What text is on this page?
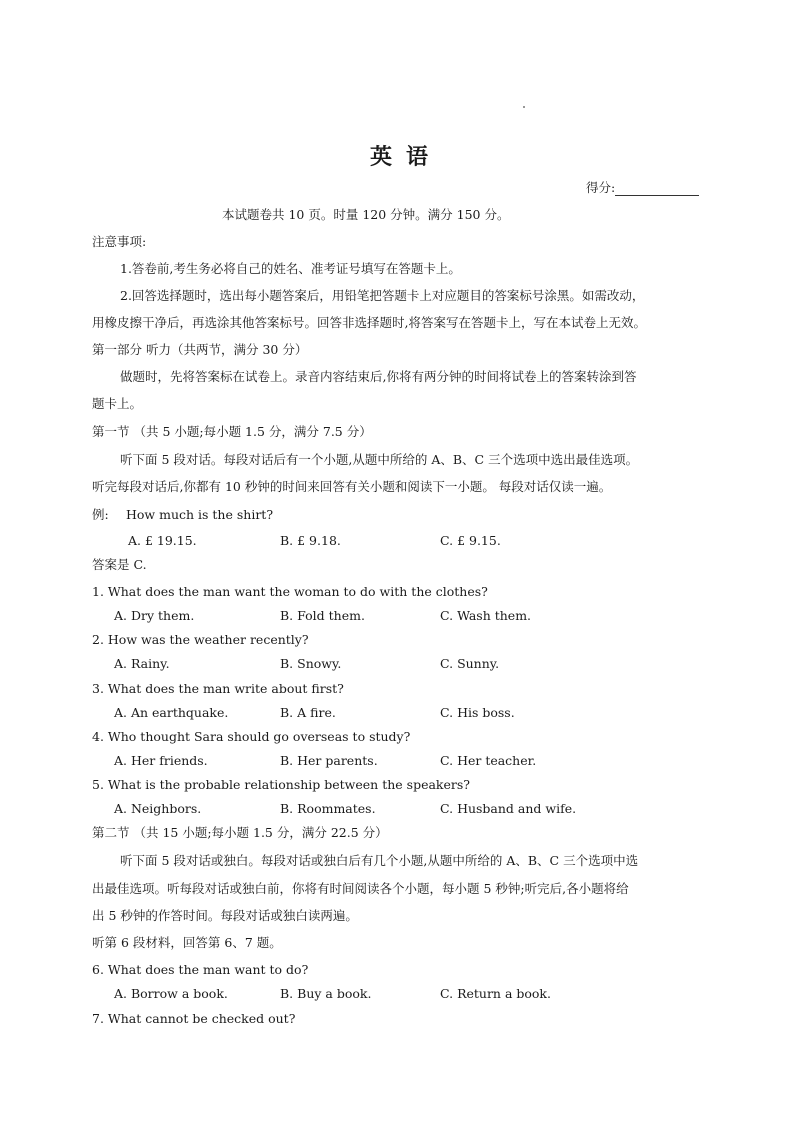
英语
得分:
本试题卷共 10 页。时量 120 分钟。满分 150 分。
注意事项:
1.答卷前,考生务必将自己的姓名、准考证号填写在答题卡上。
2.回答选择题时，选出每小题答案后，用铅笔把答题卡上对应题目的答案标号涂黑。如需改动，
用橡皮擦干净后，再选涂其他答案标号。回答非选择题时,将答案写在答题卡上，写在本试卷上无效。
第一部分 听力（共两节，满分 30 分）
做题时，先将答案标在试卷上。录音内容结束后,你将有两分钟的时间将试卷上的答案转涂到答
题卡上。
第一节 （共 5 小题;每小题 1.5 分，满分 7.5 分）
听下面 5 段对话。每段对话后有一个小题,从题中所给的 A、B、C 三个选项中选出最佳选项。
听完每段对话后,你都有 10 秒钟的时间来回答有关小题和阅读下一小题。 每段对话仅读一遍。
例: How much is the shirt?
A. £ 19.15.	B. £ 9.18.	C. £ 9.15.
答案是 C.
1. What does the man want the woman to do with the clothes?
A. Dry them.	B. Fold them.	C. Wash them.
2. How was the weather recently?
A. Rainy.	B. Snowy.	C. Sunny.
3. What does the man write about first?
A. An earthquake.	B. A fire.	C. His boss.
4. Who thought Sara should go overseas to study?
A. Her friends.	B. Her parents.	C. Her teacher.
5. What is the probable relationship between the speakers?
A. Neighbors.	B. Roommates.	C. Husband and wife.
第二节 （共 15 小题;每小题 1.5 分，满分 22.5 分）
听下面 5 段对话或独白。每段对话或独白后有几个小题,从题中所给的 A、B、C 三个选项中选
出最佳选项。听每段对话或独白前，你将有时间阅读各个小题，每小题 5 秒钟;听完后,各小题将给
出 5 秒钟的作答时间。每段对话或独白读两遍。
听第 6 段材料，回答第 6、7 题。
6. What does the man want to do?
A. Borrow a book.	B. Buy a book.	C. Return a book.
7. What cannot be checked out?
